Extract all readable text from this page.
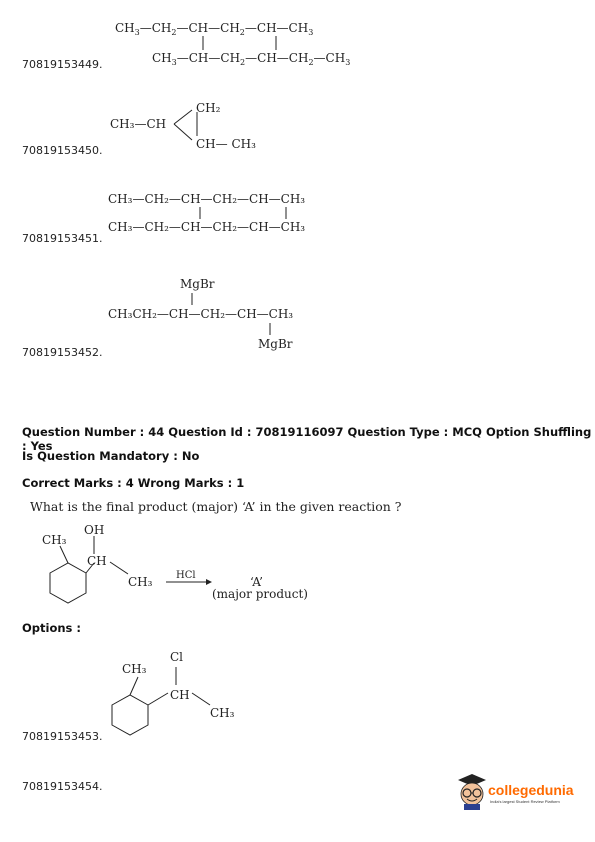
$CH_3—CH_2—CH—CH_2—CH—CH_3$
$CH_3—CH—CH_2—CH—CH_2—CH_3$
70819153449.
CH₃—CH
CH₂
CH— CH₃
70819153450.
CH₃—CH₂—CH—CH₂—CH—CH₃
CH₃—CH₂—CH—CH₂—CH—CH₃
70819153451.
MgBr
CH₃CH₂—CH—CH₂—CH—CH₃
MgBr
70819153452.
Question Number : 44 Question Id : 70819116097 Question Type : MCQ Option Shuffling : Yes
Is Question Mandatory : No
Correct Marks : 4 Wrong Marks : 1
What is the final product (major) ‘A’ in the given reaction ?
CH₃
CH
OH
CH₃ HCl	‘A’
(major product)
Options :
CH₃
CH
Cl
CH₃
70819153453.
70819153454.	collegedunia
India's largest Student Review Platform
